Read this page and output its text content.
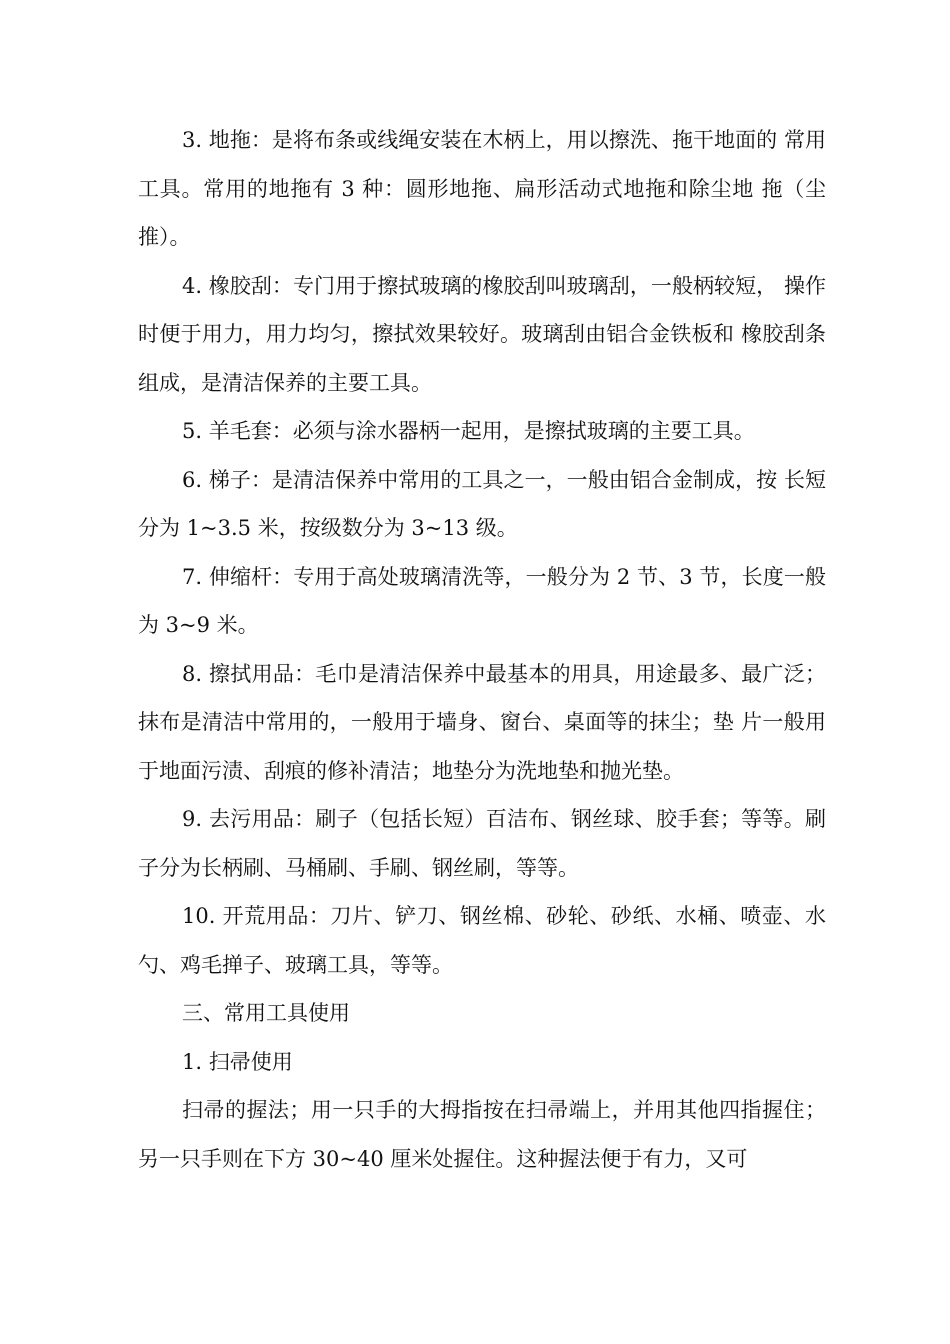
3. 地拖：是将布条或线绳安装在木柄上，用以擦洗、拖干地面的 常用工具。常用的地拖有 3 种：圆形地拖、扁形活动式地拖和除尘地 拖（尘推）。

4. 橡胶刮：专门用于擦拭玻璃的橡胶刮叫玻璃刮，一般柄较短， 操作时便于用力，用力均匀，擦拭效果较好。玻璃刮由铝合金铁板和 橡胶刮条组成，是清洁保养的主要工具。

5. 羊毛套：必须与涂水器柄一起用，是擦拭玻璃的主要工具。

6. 梯子：是清洁保养中常用的工具之一，一般由铝合金制成，按 长短分为 1~3.5 米，按级数分为 3~13 级。

7. 伸缩杆：专用于高处玻璃清洗等，一般分为 2 节、3 节，长度一般为 3~9 米。

8. 擦拭用品：毛巾是清洁保养中最基本的用具，用途最多、最广泛；抹布是清洁中常用的，一般用于墙身、窗台、桌面等的抹尘；垫 片一般用于地面污渍、刮痕的修补清洁；地垫分为洗地垫和抛光垫。

9. 去污用品：刷子（包括长短）百洁布、钢丝球、胶手套；等等。刷子分为长柄刷、马桶刷、手刷、钢丝刷，等等。

10. 开荒用品：刀片、铲刀、钢丝棉、砂轮、砂纸、水桶、喷壶、水勺、鸡毛掸子、玻璃工具，等等。

三、常用工具使用

1. 扫帚使用

扫帚的握法；用一只手的大拇指按在扫帚端上，并用其他四指握住；另一只手则在下方 30~40 厘米处握住。这种握法便于有力，又可
